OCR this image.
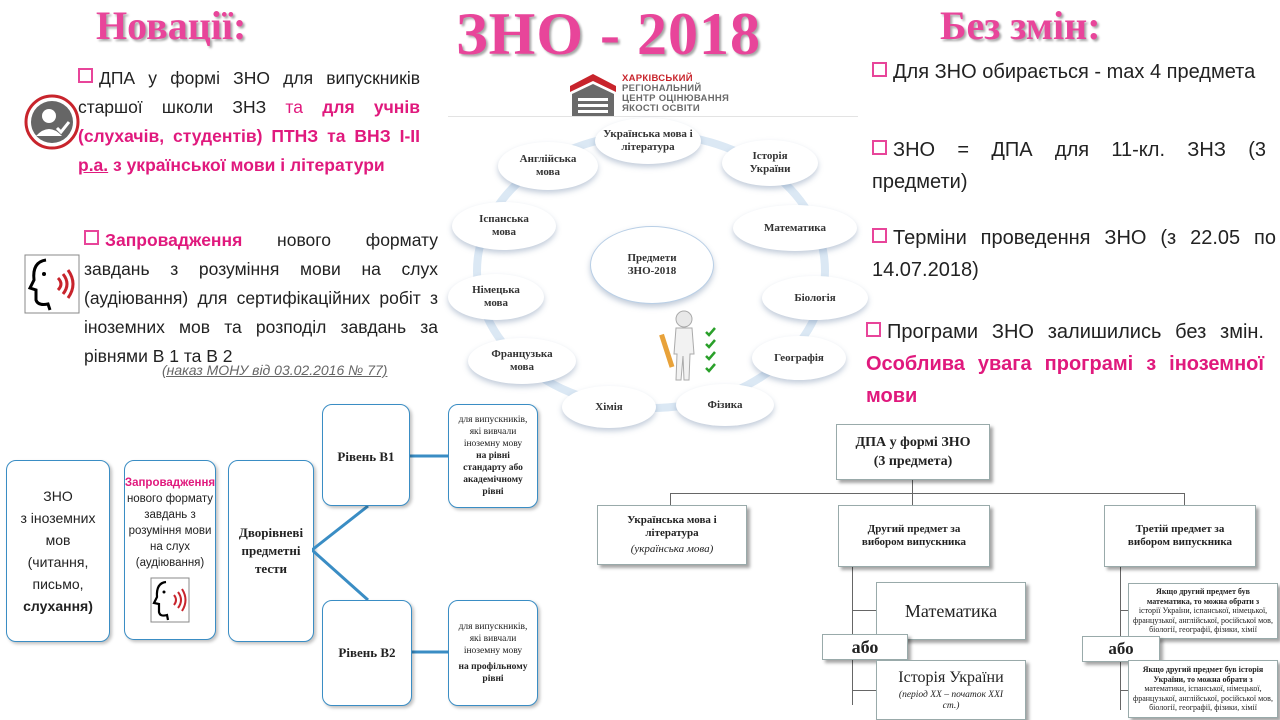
Новації:	ЗНО - 2018	Без змін:
ХАРКІВСЬКИЙ
РЕГІОНАЛЬНИЙ
ЦЕНТР ОЦІНЮВАННЯ
ЯКОСТІ ОСВІТИ
ДПА у формі ЗНО для випускників старшої школи ЗНЗ та для учнів (слухачів, студентів) ПТНЗ та ВНЗ І-ІІ р.а. з української мови і літератури
Запровадження нового формату завдань з розуміння мови на слух (аудіювання) для сертифікаційних робіт з іноземних мов та розподіл завдань за рівнями В 1 та В 2
(наказ МОНУ від 03.02.2016 № 77)
Для ЗНО обирається - max 4 предмета
ЗНО = ДПА для 11-кл. ЗНЗ (3 предмети)
Терміни проведення ЗНО (з 22.05 по 14.07.2018)
Програми ЗНО залишились без змін. Особлива увага програмі з іноземної мови
Предмети ЗНО-2018
Українська мова і література
Історія України
Математика
Біологія
Географія
Фізика
Хімія
Французька мова
Німецька мова
Іспанська мова
Англійська мова
ЗНО
з іноземних мов
(читання, письмо,
слухання)
Запровадження нового формату завдань з розуміння мови на слух (аудіювання)
Дворівневі предметні тести
Рівень В1
Рівень В2
для випускників, які вивчали іноземну мову
на рівні стандарту або академічному рівні
для випускників, які вивчали іноземну мову
на профільному рівні
ДПА у формі ЗНО (3 предмета)
Українська мова і література
(українська мова)
Другий предмет за вибором випускника
Третій предмет за вибором випускника
Математика
або
Історія України
(період ХХ – початок ХХІ ст.)
Якщо другий предмет був математика, то можна обрати з
історії України, іспанської, німецької, французької, англійської, російської мов, біології, географії, фізики, хімії
або
Якщо другий предмет був історія України, то можна обрати з
математики, іспанської, німецької, французької, англійської, російської мов, біології, географії, фізики, хімії
